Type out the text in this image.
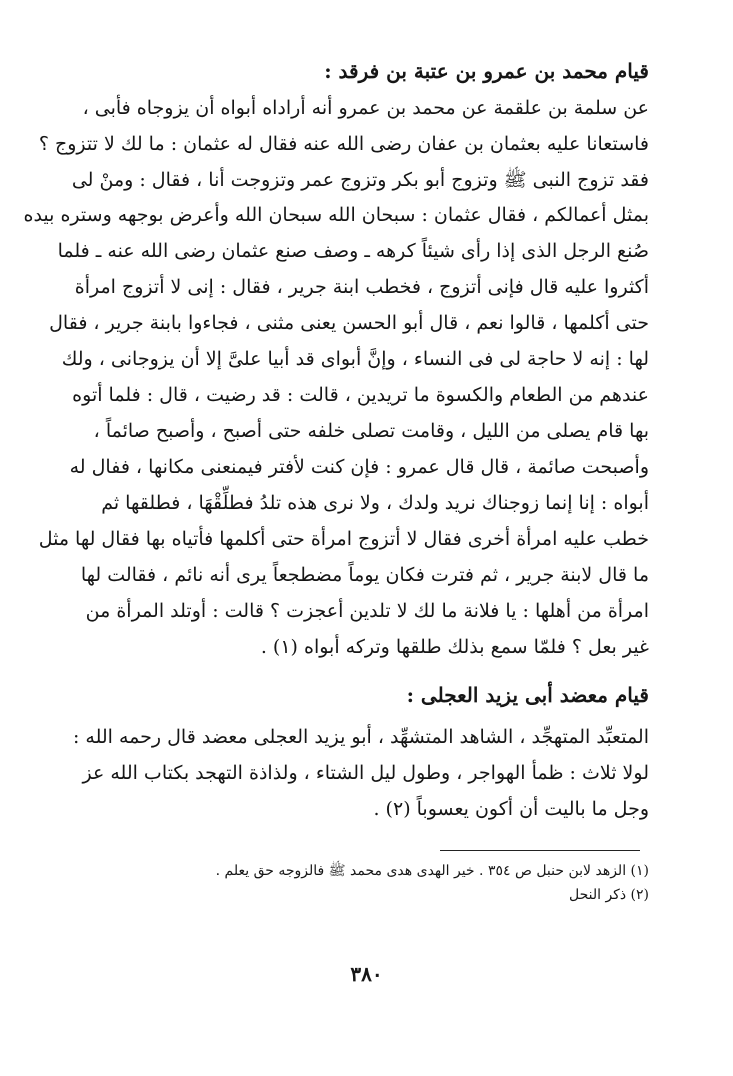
قيام محمد بن عمرو بن عتبة بن فرقد :
عن سلمة بن علقمة عن محمد بن عمرو أنه أراداه أبواه أن يزوجاه فأبى ،
فاستعانا عليه بعثمان بن عفان رضى الله عنه فقال له عثمان : ما لك لا تتزوج ؟
فقد تزوج النبى ﷺ وتزوج أبو بكر وتزوج عمر وتزوجت أنا ، فقال : ومنْ لى
بمثل أعمالكم ، فقال عثمان : سبحان الله سبحان الله وأعرض بوجهه وستره بيده
صُنع الرجل الذى إذا رأى شيئاً كرهه ـ وصف صنع عثمان رضى الله عنه ـ فلما
أكثروا عليه قال فإنى أتزوج ، فخطب ابنة جرير ، فقال : إنى لا أتزوج امرأة
حتى أكلمها ، قالوا نعم ، قال أبو الحسن يعنى مثنى ، فجاءوا بابنة جرير ، فقال
لها : إنه لا حاجة لى فى النساء ، وإنَّ أبواى قد أبيا علىَّ إلا أن يزوجانى ، ولك
عندهم من الطعام والكسوة ما تريدين ، قالت : قد رضيت ، قال : فلما أتوه
بها قام يصلى من الليل ، وقامت تصلى خلفه حتى أصبح ، وأصبح صائماً ،
وأصبحت صائمة ، قال قال عمرو : فإن كنت لأفتر فيمنعنى مكانها ، ففال له
أبواه : إنا إنما زوجناك نريد ولدك ، ولا نرى هذه تلدُ فطلِّقْهَا ، فطلقها ثم
خطب عليه امرأة أخرى فقال لا أتزوج امرأة حتى أكلمها فأتياه بها فقال لها مثل
ما قال لابنة جرير ، ثم فترت فكان يوماً مضطجعاً يرى أنه نائم ، فقالت لها
امرأة من أهلها : يا فلانة ما لك لا تلدين أعجزت ؟ قالت : أوتلد المرأة من
غير بعل ؟ فلمّا سمع بذلك طلقها وتركه أبواه (١) .
قيام معضد أبى يزيد العجلى :
المتعبِّد المتهجِّد ، الشاهد المتشهِّد ، أبو يزيد العجلى معضد قال رحمه الله :
لولا ثلاث : ظمأ الهواجر ، وطول ليل الشتاء ، ولذاذة التهجد بكتاب الله عز
وجل ما باليت أن أكون يعسوباً (٢) .
(١) الزهد لابن حنبل ص ٣٥٤ . خير الهدى هدى محمد ﷺ فالزوجه حق يعلم .
(٢) ذكر النحل
٣٨٠
